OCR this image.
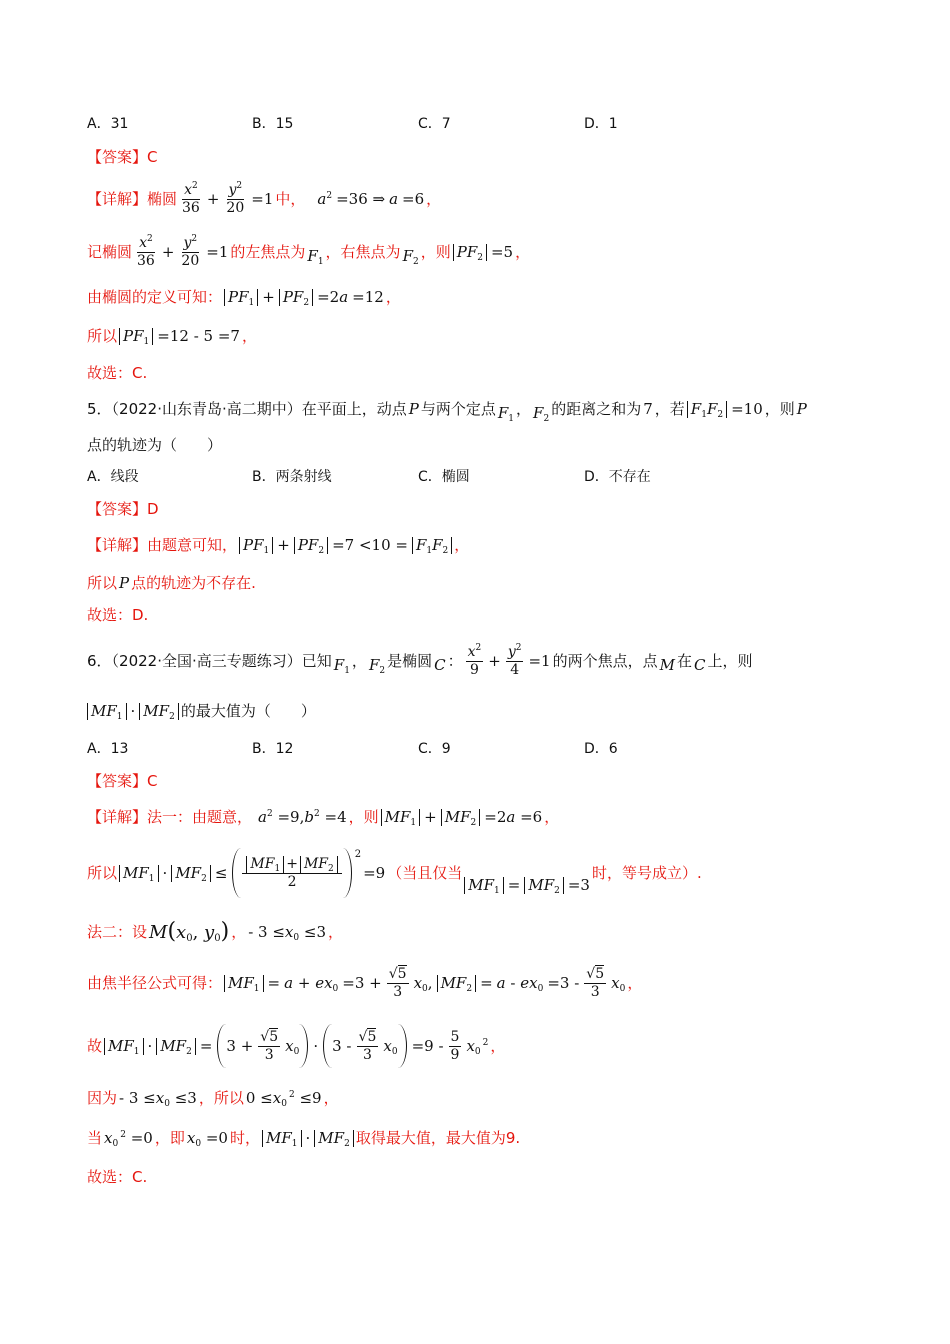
A．31	B．15	C．7	D．1
【答案】C
【详解】椭圆 $\frac{x^2}{36} + \frac{y^2}{20} =1$ 中， $a^2 =36$ ⇒ a =6 ，
记椭圆 $\frac{x^2}{36} + \frac{y^2}{20} =1$ 的左焦点为 $F_1$
，右焦点为 $F_2$
，则 $PF_2 =5$ ，
由椭圆的定义可知： $PF_1 + PF_2 =2a =12$ ，
所以 $PF_1 =12 - 5 =7$ ，
故选：C.
5．（2022·山东青岛·高二期中）在平面上，动点 P 与两个定点 $F_1$
， $F_2$
的距离之和为 7 ，若 $F_1F_2 =10$ ，则 P
点的轨迹为（　　）
A．线段	B．两条射线	C．椭圆	D．不存在
【答案】D
【详解】由题意可知， $PF_1 + PF_2 =7 <10 = F_1F_2$ ，
所以 P 点的轨迹为不存在.
故选：D.
6．（2022·全国·高三专题练习）已知 $F_1$
， $F_2$
是椭圆 C ： $\frac{x^2}{9} + \frac{y^2}{4} =1$ 的两个焦点，点 M 在 C 上，则
$MF_1 \cdot MF_2$ 的最大值为（　　）
A．13	B．12	C．9	D．6
【答案】C
【详解】法一：由题意， $a^2 =9,b^2 =4$ ，则 $MF_1 + MF_2 =2a =6$ ，
所以 $MF_1 \cdot MF_2 \le \frac{MF_1 + MF_2}{2}$
2
=9 （当且仅当
$MF_1 = MF_2 =3$
时，等号成立）.
法二：设 $M(x_0$, $y_0$) ， - $3 \le x_0 \le 3$ ，
由焦半径公式可得： $MF_1 = a + ex_0 =3 + \frac{√5}{3} x_0$, $MF_2 = a - ex_0 =3 - \frac{√5}{3} x_0$ ，
故 $MF_1 \cdot MF_2 = 3 + \frac{√5}{3} x_0 \cdot 3 - \frac{√5}{3} x_0 =9 - \frac{5}{9} x_0^2$ ，
因为 - $3 \le x_0 \le 3$ ，所以 $0 \le x_0^2 \le 9$ ，
当 $x_0^2 =0$ ，即 $x_0 =0$ 时， $MF_1 \cdot MF_2$ 取得最大值，最大值为9.
故选：C.
